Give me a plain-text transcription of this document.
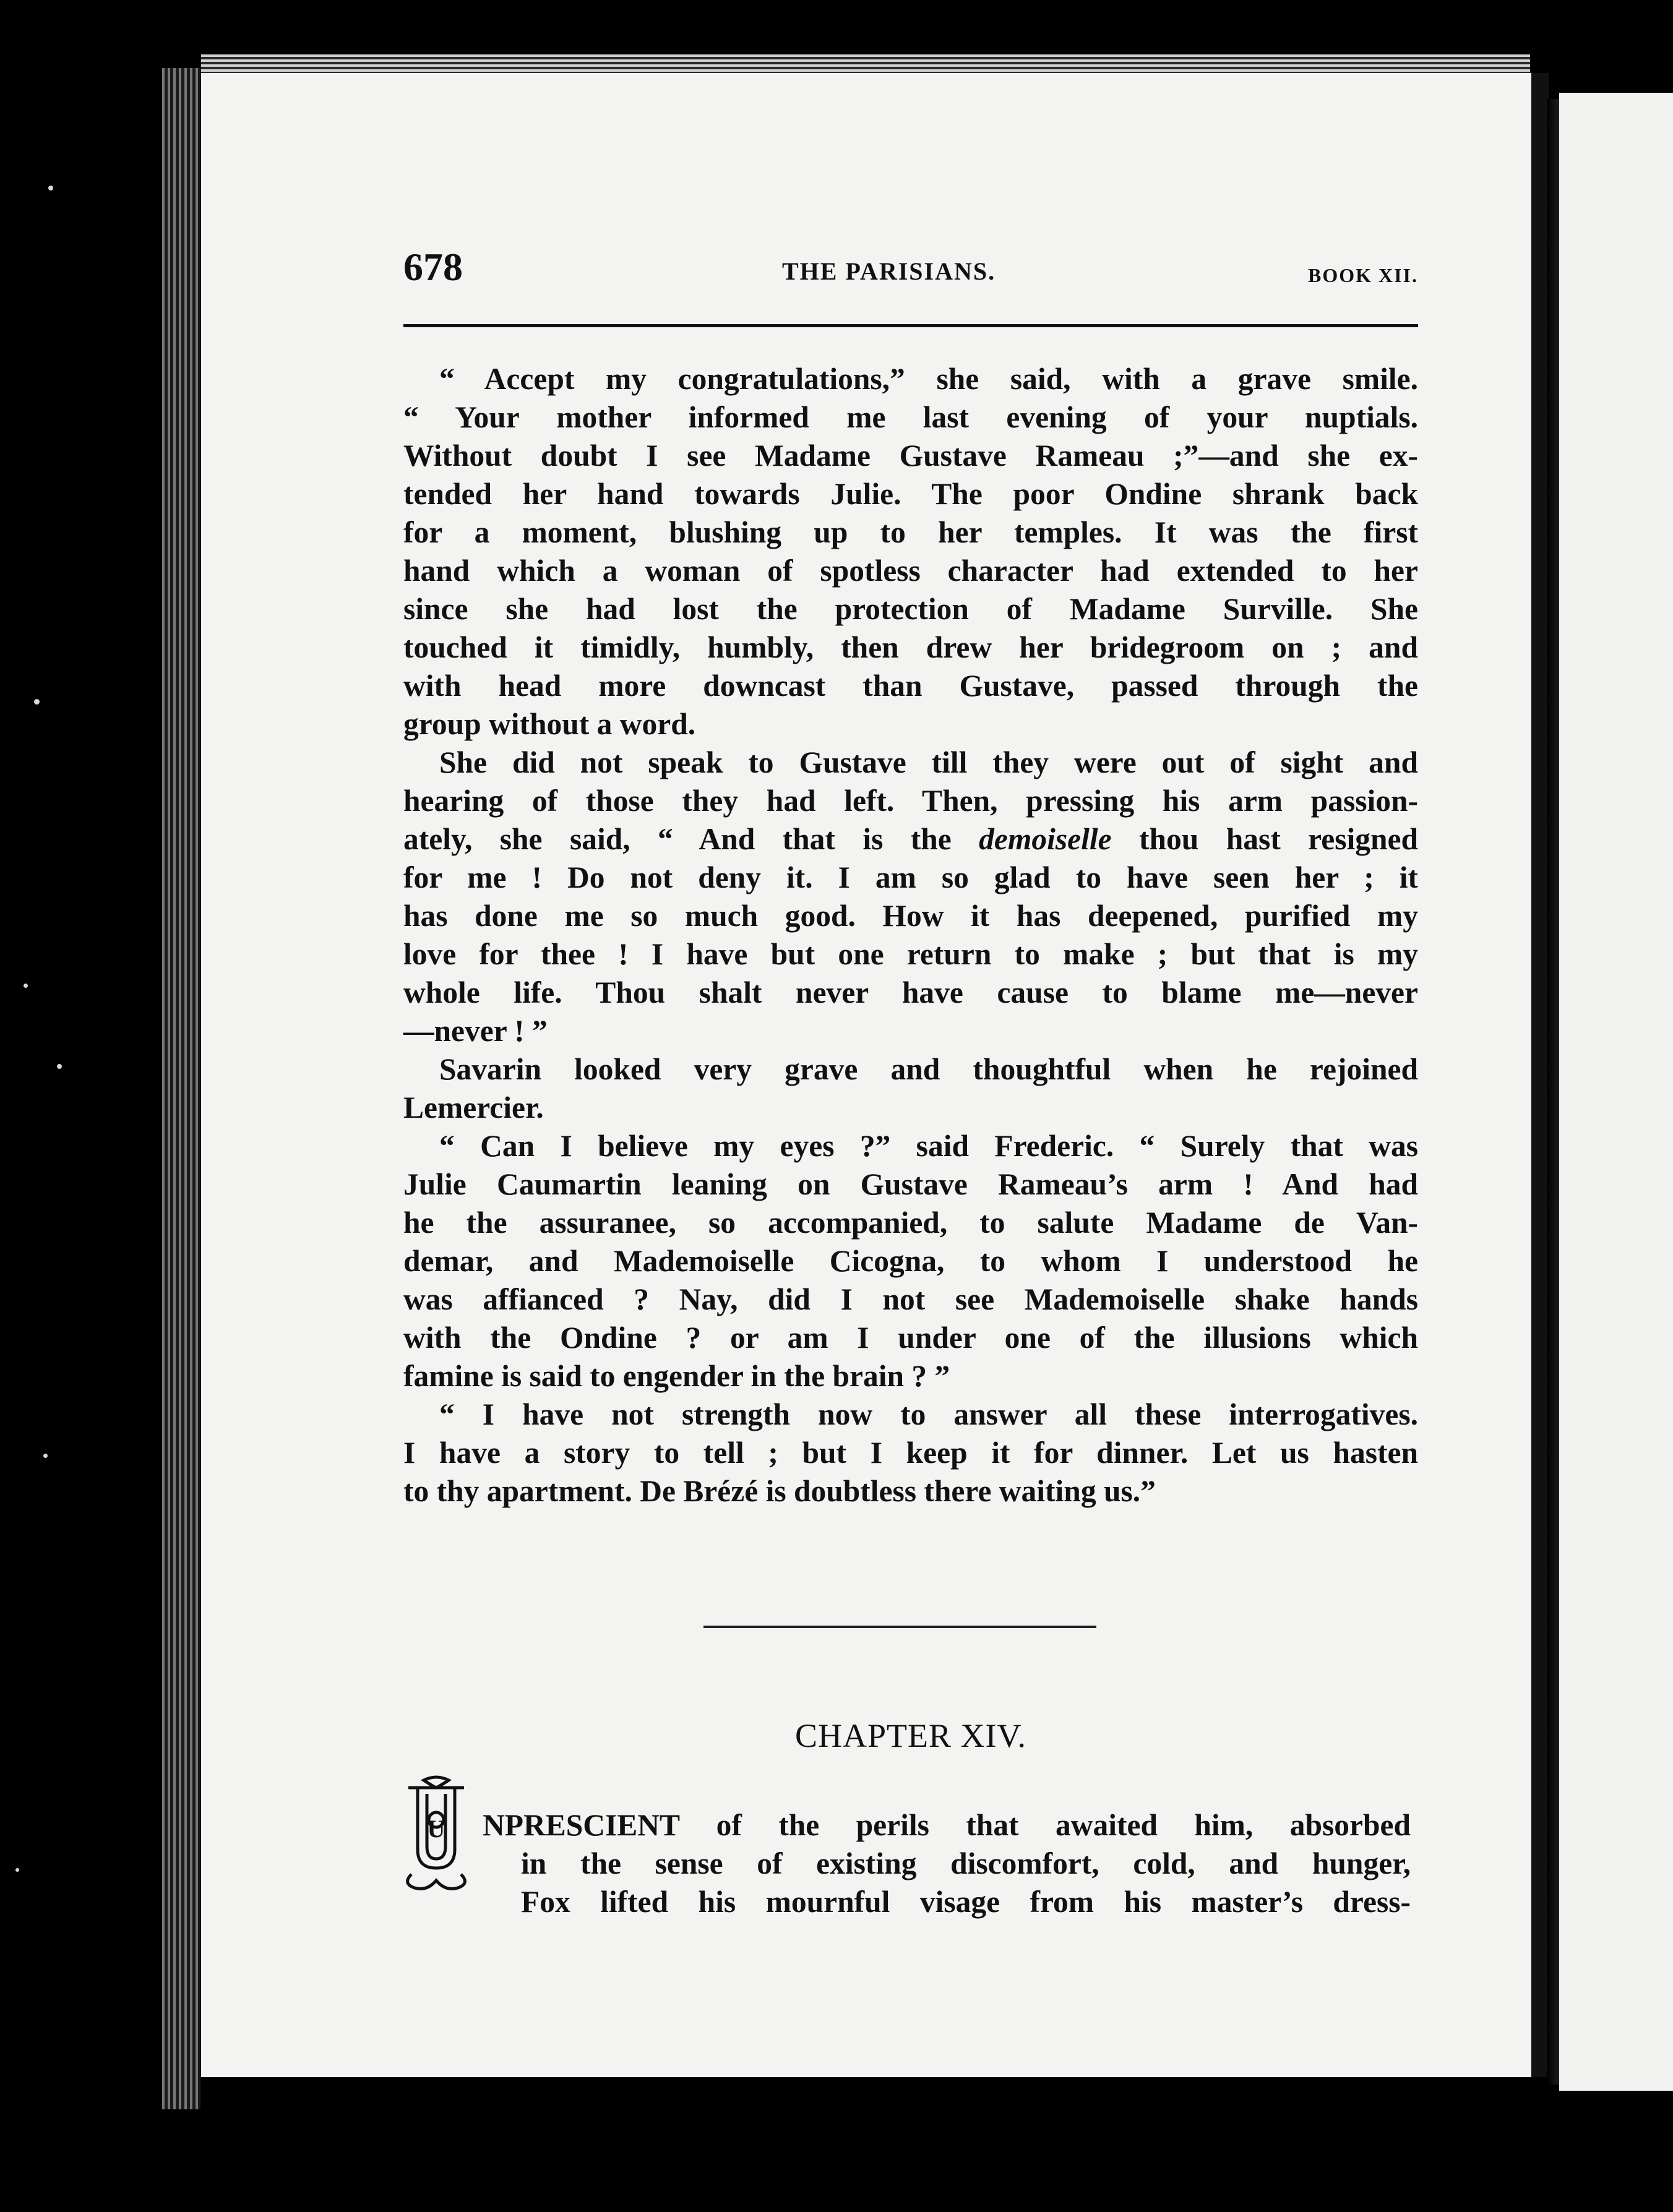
678	THE PARISIANS.	BOOK XII.
“ Accept my congratulations,” she said, with a grave smile.
“ Your mother informed me last evening of your nuptials.
Without doubt I see Madame Gustave Rameau ;”—and she ex-
tended her hand towards Julie. The poor Ondine shrank back
for a moment, blushing up to her temples. It was the first
hand which a woman of spotless character had extended to her
since she had lost the protection of Madame Surville. She
touched it timidly, humbly, then drew her bridegroom on ; and
with head more downcast than Gustave, passed through the
group without a word.
She did not speak to Gustave till they were out of sight and
hearing of those they had left. Then, pressing his arm passion-
ately, she said, “ And that is the demoiselle thou hast resigned
for me ! Do not deny it. I am so glad to have seen her ; it
has done me so much good. How it has deepened, purified my
love for thee ! I have but one return to make ; but that is my
whole life. Thou shalt never have cause to blame me—never
—never ! ”
Savarin looked very grave and thoughtful when he rejoined
Lemercier.
“ Can I believe my eyes ?” said Frederic. “ Surely that was
Julie Caumartin leaning on Gustave Rameau’s arm ! And had
he the assuranee, so accompanied, to salute Madame de Van-
demar, and Mademoiselle Cicogna, to whom I understood he
was affianced ? Nay, did I not see Mademoiselle shake hands
with the Ondine ? or am I under one of the illusions which
famine is said to engender in the brain ? ”
“ I have not strength now to answer all these interrogatives.
I have a story to tell ; but I keep it for dinner. Let us hasten
to thy apartment. De Brézé is doubtless there waiting us.”
CHAPTER XIV.
U NPRESCIENT of the perils that awaited him, absorbed
in the sense of existing discomfort, cold, and hunger,
Fox lifted his mournful visage from his master’s dress-
